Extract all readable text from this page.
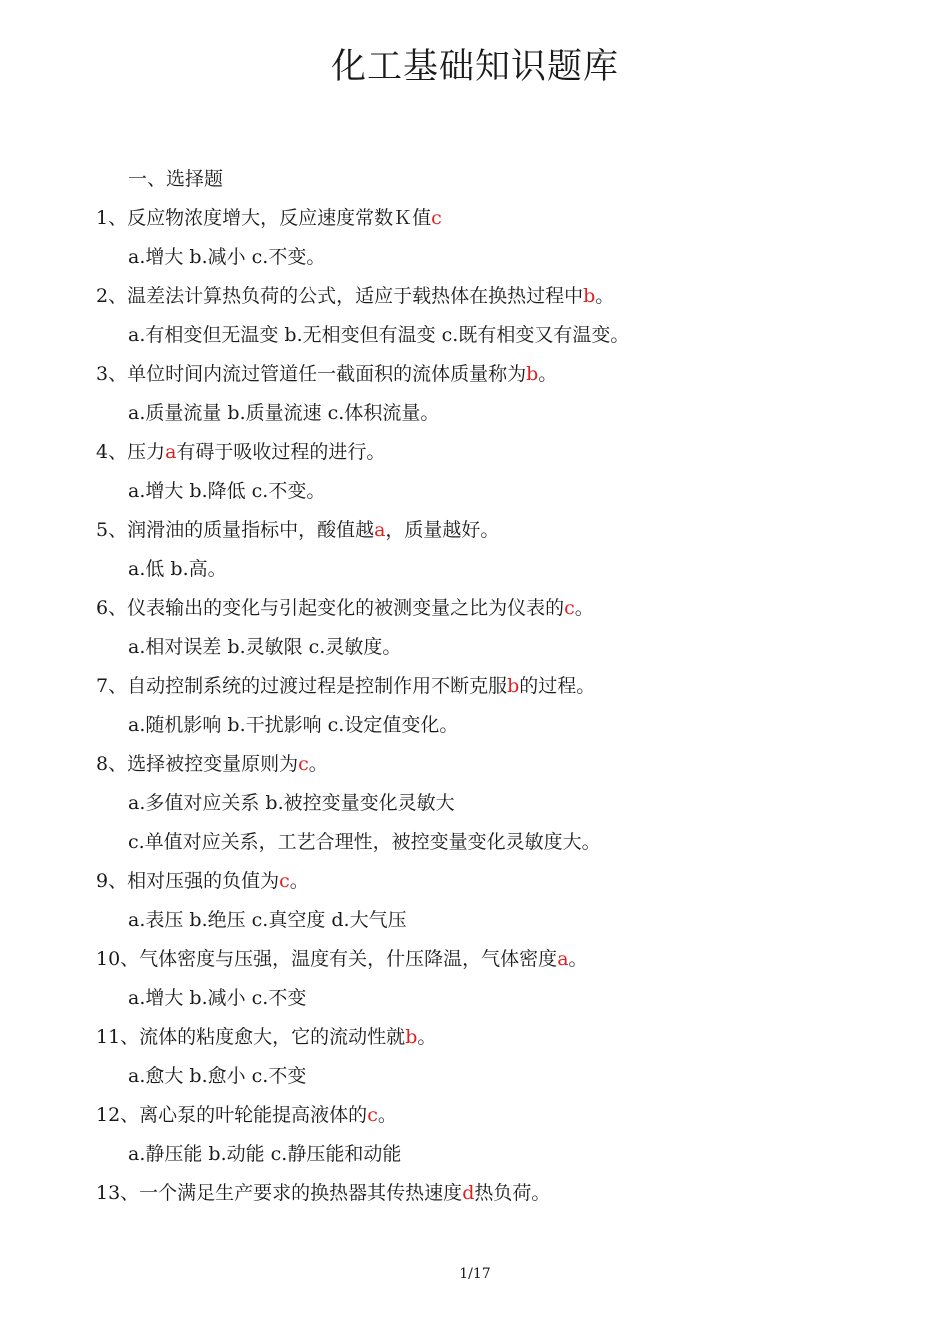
化工基础知识题库
一、选择题
1、反应物浓度增大，反应速度常数Ｋ值c
a.增大 b.减小 c.不变。
2、温差法计算热负荷的公式，适应于载热体在换热过程中b。
a.有相变但无温变 b.无相变但有温变 c.既有相变又有温变。
3、单位时间内流过管道任一截面积的流体质量称为b。
a.质量流量 b.质量流速 c.体积流量。
4、压力a有碍于吸收过程的进行。
a.增大 b.降低 c.不变。
5、润滑油的质量指标中，酸值越a，质量越好。
a.低 b.高。
6、仪表输出的变化与引起变化的被测变量之比为仪表的c。
a.相对误差 b.灵敏限 c.灵敏度。
7、自动控制系统的过渡过程是控制作用不断克服b的过程。
a.随机影响 b.干扰影响 c.设定值变化。
8、选择被控变量原则为c。
a.多值对应关系 b.被控变量变化灵敏大
c.单值对应关系，工艺合理性，被控变量变化灵敏度大。
9、相对压强的负值为c。
a.表压 b.绝压 c.真空度 d.大气压
10、气体密度与压强，温度有关，什压降温，气体密度a。
a.增大 b.减小 c.不变
11、流体的粘度愈大，它的流动性就b。
a.愈大 b.愈小 c.不变
12、离心泵的叶轮能提高液体的c。
a.静压能 b.动能 c.静压能和动能
13、一个满足生产要求的换热器其传热速度d热负荷。
1/17
